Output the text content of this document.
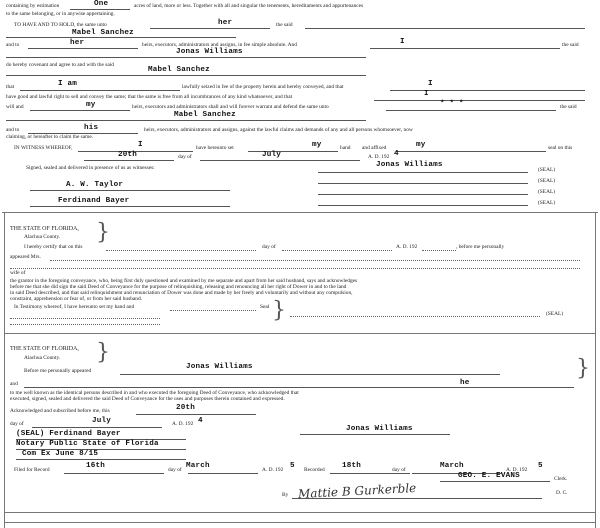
containing by estimation	One	acres of land, more or less. Together with all and singular the tenements, hereditaments and appurtenances
to the same belonging, or in anywise appertaining.
TO HAVE AND TO HOLD, the same unto	her	the said
Mabel Sanchez
and to	her	heirs, executors, administrators and assigns, in fee simple absolute. And	I	the said
Jonas Williams
do hereby covenant and agree to and with the said
Mabel Sanchez
that	I am	lawfully seized in fee of the property herein and hereby conveyed, and that	I
have good and lawful right to sell and convey the same; that the same is free from all incumbrances of any kind whatsoever, and that	I
will and	my	heirs, executors and administrators shall and will forever warrant and defend the same unto	* * *	the said
Mabel Sanchez
and to	his	heirs, executors, administrators and assigns, against the lawful claims and demands of any and all persons whomsoever, now
claiming, or hereafter to claim the same.
IN WITNESS WHEREOF,	I	have hereunto set	my	hand and affixed	my	seal on this
20th	day of	July	A. D. 192 4
Signed, sealed and delivered in presence of us as witnesses:	Jonas Williams
(SEAL)
(SEAL)
A. W. Taylor
(SEAL)
Ferdinand Bayer	(SEAL)
THE STATE OF FLORIDA,
Alachua County. }
I hereby certify that on this	day of	A. D. 192	, before me personally
appeared Mrs.
wife of
the grantor in the foregoing conveyance, who, being first duly questioned and examined by me separate and apart from her said husband, says and acknowledges
before me that she did sign the said Deed of Conveyance for the purpose of relinquishing, releasing and renouncing all her right of Dower in and to the land
in said Deed described, and that said relinquishment and renunciation of Dower was done and made by her freely and voluntarily and without any compulsion,
constraint, apprehension or fear of, or from her said husband.
In Testimony whereof, I have hereunto set my hand and	Seal }	(SEAL)
THE STATE OF FLORIDA,
Alachua County. }
Before me personally appeared	Jonas Williams
and	he
}
to me well known as the identical persons described in and who executed the foregoing Deed of Conveyance, who acknowledged that
executed, signed, sealed and delivered the said Deed of Conveyance for the uses and purposes therein contained and expressed.
Acknowledged and subscribed before me, this	20th
day of	July	A. D. 192 4
Jonas Williams
(SEAL) Ferdinand Bayer
Notary Public State of Florida
Com Ex June 8/15
Filed for Record	16th	day of March	A. D. 192 5 Recorded 18th	day of	March	A. D. 192 5
GEO. E. EVANS	Clerk.
By Mattie B Gurkerble	D. C.
